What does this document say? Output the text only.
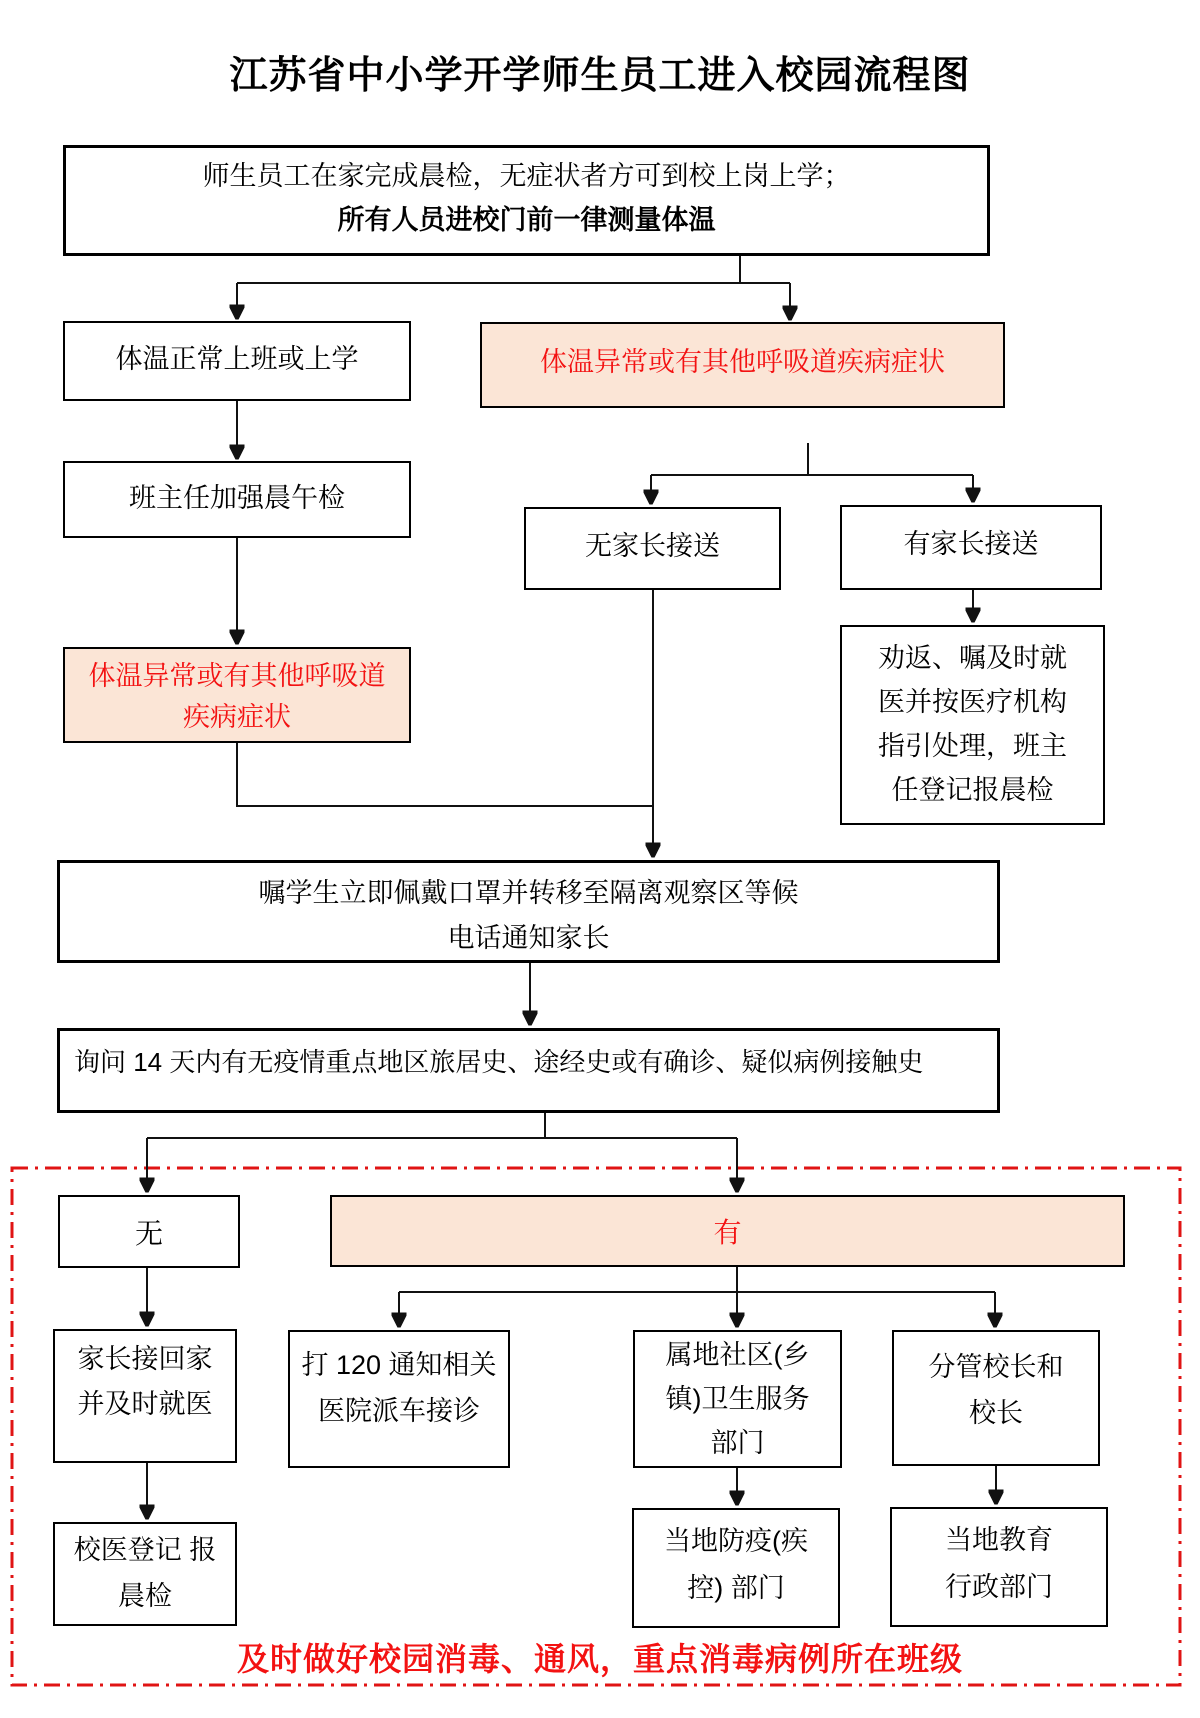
江苏省中小学开学师生员工进入校园流程图
师生员工在家完成晨检，无症状者方可到校上岗上学；
所有人员进校门前一律测量体温
体温正常上班或上学	体温异常或有其他呼吸道疾病症状
班主任加强晨午检
无家长接送	有家长接送
体温异常或有其他呼吸道
疾病症状
劝返、嘱及时就
医并按医疗机构
指引处理，班主
任登记报晨检
嘱学生立即佩戴口罩并转移至隔离观察区等候
电话通知家长
询问 14 天内有无疫情重点地区旅居史、途经史或有确诊、疑似病例接触史
无	有
家长接回家
并及时就医
校医登记 报
晨检
打 120 通知相关
医院派车接诊
属地社区(乡
镇)卫生服务
部门
分管校长和
校长
当地防疫(疾
控) 部门
当地教育
行政部门
及时做好校园消毒、通风，重点消毒病例所在班级
